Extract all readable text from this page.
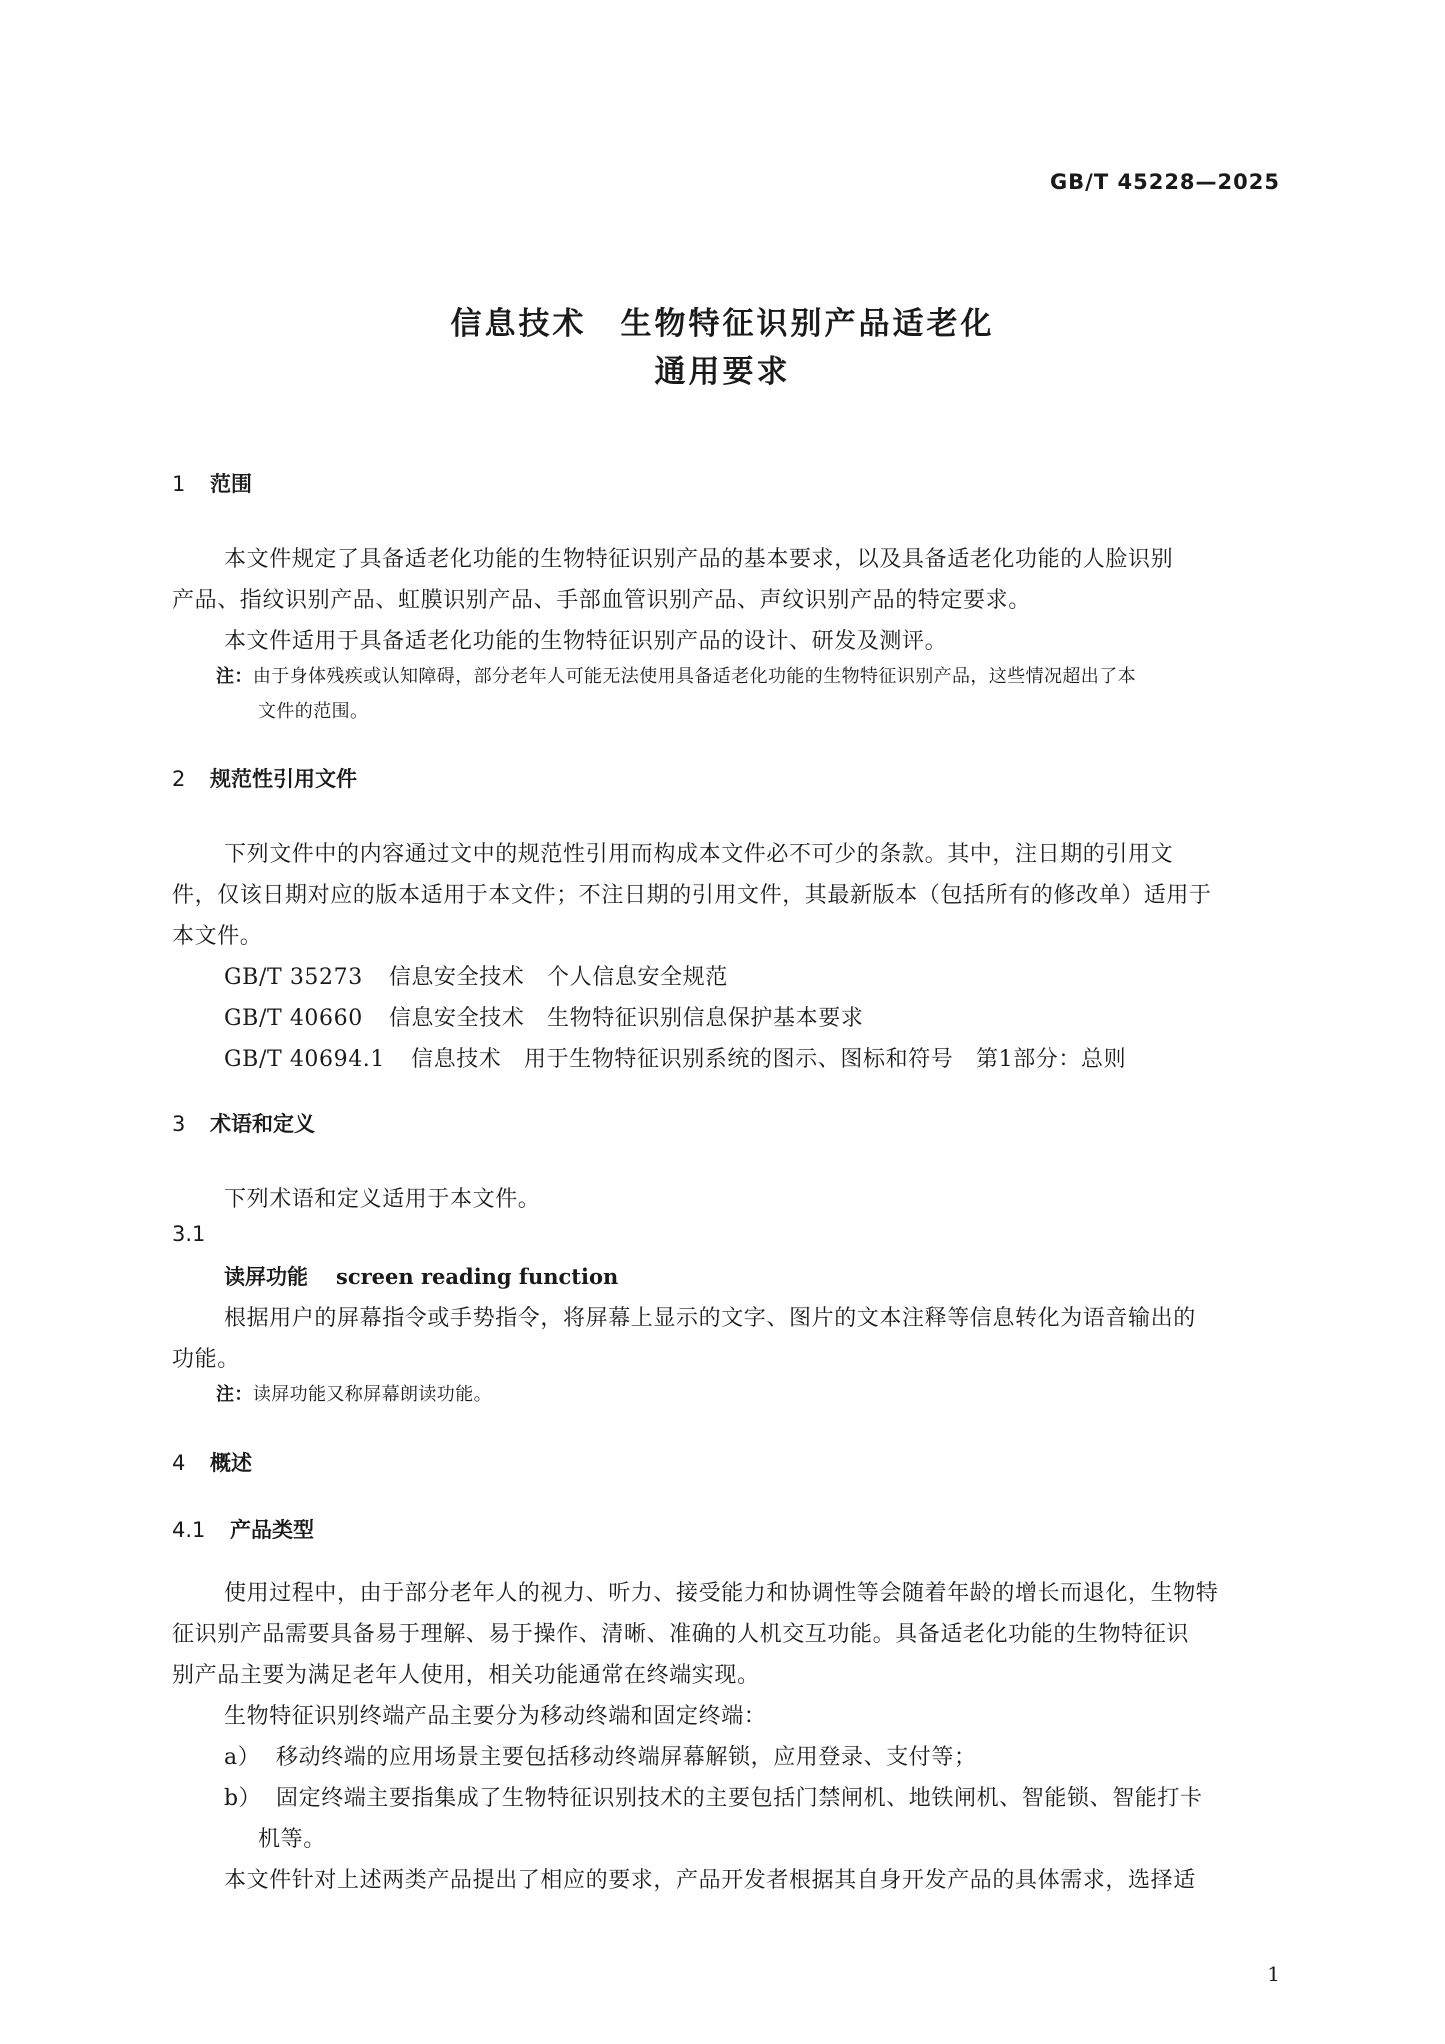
GB/T 45228—2025
信息技术　生物特征识别产品适老化
通用要求
1 范围
本文件规定了具备适老化功能的生物特征识别产品的基本要求，以及具备适老化功能的人脸识别
产品、指纹识别产品、虹膜识别产品、手部血管识别产品、声纹识别产品的特定要求。
本文件适用于具备适老化功能的生物特征识别产品的设计、研发及测评。
注：由于身体残疾或认知障碍，部分老年人可能无法使用具备适老化功能的生物特征识别产品，这些情况超出了本
文件的范围。
2 规范性引用文件
下列文件中的内容通过文中的规范性引用而构成本文件必不可少的条款。其中，注日期的引用文
件，仅该日期对应的版本适用于本文件；不注日期的引用文件，其最新版本（包括所有的修改单）适用于
本文件。
GB/T 35273 信息安全技术　个人信息安全规范
GB/T 40660 信息安全技术　生物特征识别信息保护基本要求
GB/T 40694.1 信息技术　用于生物特征识别系统的图示、图标和符号　第1部分：总则
3 术语和定义
下列术语和定义适用于本文件。
3.1
读屏功能 screen reading function
根据用户的屏幕指令或手势指令，将屏幕上显示的文字、图片的文本注释等信息转化为语音输出的
功能。
注：读屏功能又称屏幕朗读功能。
4 概述
4.1 产品类型
使用过程中，由于部分老年人的视力、听力、接受能力和协调性等会随着年龄的增长而退化，生物特
征识别产品需要具备易于理解、易于操作、清晰、准确的人机交互功能。具备适老化功能的生物特征识
别产品主要为满足老年人使用，相关功能通常在终端实现。
生物特征识别终端产品主要分为移动终端和固定终端：
a） 移动终端的应用场景主要包括移动终端屏幕解锁，应用登录、支付等；
b） 固定终端主要指集成了生物特征识别技术的主要包括门禁闸机、地铁闸机、智能锁、智能打卡
机等。
本文件针对上述两类产品提出了相应的要求，产品开发者根据其自身开发产品的具体需求，选择适
1
